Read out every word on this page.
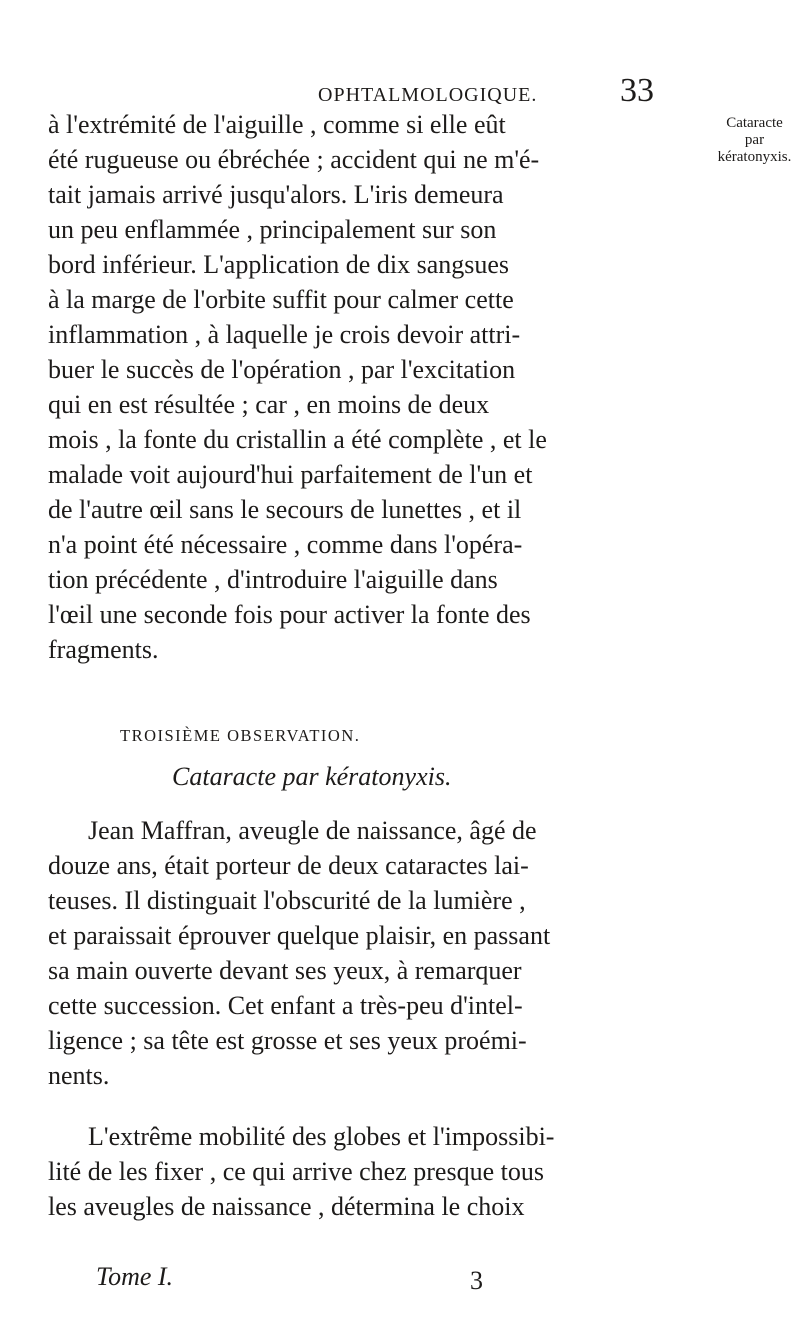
OPHTALMOLOGIQUE. 33
Cataracte
par
kératonyxis.
à l'extrémité de l'aiguille , comme si elle eût
été rugueuse ou ébréchée ; accident qui ne m'é-
tait jamais arrivé jusqu'alors. L'iris demeura
un peu enflammée , principalement sur son
bord inférieur. L'application de dix sangsues
à la marge de l'orbite suffit pour calmer cette
inflammation , à laquelle je crois devoir attri-
buer le succès de l'opération , par l'excitation
qui en est résultée ; car , en moins de deux
mois , la fonte du cristallin a été complète , et le
malade voit aujourd'hui parfaitement de l'un et
de l'autre œil sans le secours de lunettes , et il
n'a point été nécessaire , comme dans l'opéra-
tion précédente , d'introduire l'aiguille dans
l'œil une seconde fois pour activer la fonte des
fragments.
TROISIÈME OBSERVATION.
Cataracte par kératonyxis.
Jean Maffran, aveugle de naissance, âgé de
douze ans, était porteur de deux cataractes lai-
teuses. Il distinguait l'obscurité de la lumière ,
et paraissait éprouver quelque plaisir, en passant
sa main ouverte devant ses yeux, à remarquer
cette succession. Cet enfant a très-peu d'intel-
ligence ; sa tête est grosse et ses yeux proémi-
nents.
L'extrême mobilité des globes et l'impossibi-
lité de les fixer , ce qui arrive chez presque tous
les aveugles de naissance , détermina le choix
Tome I.	3
